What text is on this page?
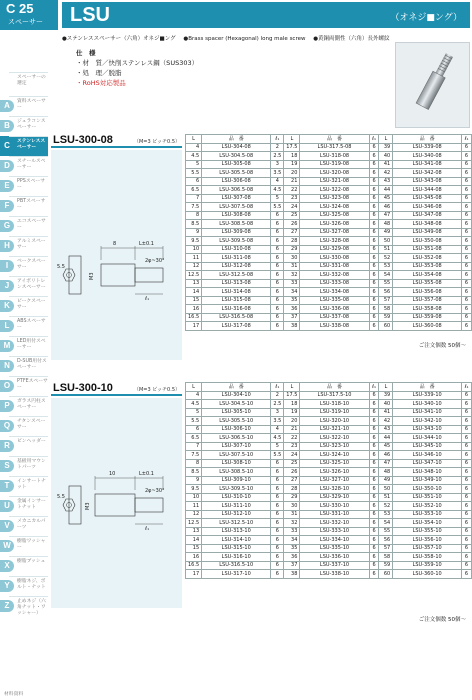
C 25
スペーサー LSU	（オネジ■ング）
●ステンレススペーサー（六角）オネジ■ング ●Brass spacer (Hexagonal) long male screw ●黄銅両側性（六角）長外螺紋
仕　様
・材　質／快削ステンレス鋼（SUS303）
・処　理／脱脂
・RoHS対応製品
スペーサーの選定
A	資料スペーサー
B	ジュラコンスペーサー
C	ステンレススペーサー
D	スチールスペーサー
E	PPSスペーサー
F	PBTスペーサー
G	エコスペーサー
H	アルミスペーサー
I	ベークスペーサー
J	アイボリトレンスペーサー
K	ピークスペーサー
L	ABSスペーサー
M	LED用付スペーサー
N	D-SUB用付スペーサー
O	PTFEスペーサー
P	ガラス円柱スペーサー
Q	チタンスペーサー
R	ビンヘッダー
S	基板用マウントパーツ
T	インサートナット
U	金属インサートナット
V	メカニカルパーツ
W	樹脂ワッシャー
X	樹脂ブッシュ
Y	樹脂ネジ、ボルト・ナット
Z	止めネジ（六角ナット・ワッシャー）
LSU-300-08	（M=3 ピッチ0.5）
8	L±0.1
5.5
M3
2φ~30°
ℓ₁
L	品　番	ℓ₁	L	品　番	ℓ₁	L	品　番	ℓ₁
4	LSU-304-08	2	17.5	LSU-317.5-08	6	39	LSU-339-08	6
4.5	LSU-304.5-08	2.5	18	LSU-318-08	6	40	LSU-340-08	6
5	LSU-305-08	3	19	LSU-319-08	6	41	LSU-341-08	6
5.5	LSU-305.5-08	3.5	20	LSU-320-08	6	42	LSU-342-08	6
6	LSU-306-08	4	21	LSU-321-08	6	43	LSU-343-08	6
6.5	LSU-306.5-08	4.5	22	LSU-322-08	6	44	LSU-344-08	6
7	LSU-307-08	5	23	LSU-323-08	6	45	LSU-345-08	6
7.5	LSU-307.5-08	5.5	24	LSU-324-08	6	46	LSU-346-08	6
8	LSU-308-08	6	25	LSU-325-08	6	47	LSU-347-08	6
8.5	LSU-308.5-08	6	26	LSU-326-08	6	48	LSU-348-08	6
9	LSU-309-08	6	27	LSU-327-08	6	49	LSU-349-08	6
9.5	LSU-309.5-08	6	28	LSU-328-08	6	50	LSU-350-08	6
10	LSU-310-08	6	29	LSU-329-08	6	51	LSU-351-08	6
11	LSU-311-08	6	30	LSU-330-08	6	52	LSU-352-08	6
12	LSU-312-08	6	31	LSU-331-08	6	53	LSU-353-08	6
12.5	LSU-312.5-08	6	32	LSU-332-08	6	54	LSU-354-08	6
13	LSU-313-08	6	33	LSU-333-08	6	55	LSU-355-08	6
14	LSU-314-08	6	34	LSU-334-08	6	56	LSU-356-08	6
15	LSU-315-08	6	35	LSU-335-08	6	57	LSU-357-08	6
16	LSU-316-08	6	36	LSU-336-08	6	58	LSU-358-08	6
16.5	LSU-316.5-08	6	37	LSU-337-08	6	59	LSU-359-08	6
17	LSU-317-08	6	38	LSU-338-08	6	60	LSU-360-08	6
ご注文個数 50個～
LSU-300-10	（M=3 ピッチ0.5）
10	L±0.1
5.5
M3
2φ~30°
ℓ₁
L	品　番	ℓ₁	L	品　番	ℓ₁	L	品　番	ℓ₁
4	LSU-304-10	2	17.5	LSU-317.5-10	6	39	LSU-339-10	6
4.5	LSU-304.5-10	2.5	18	LSU-318-10	6	40	LSU-340-10	6
5	LSU-305-10	3	19	LSU-319-10	6	41	LSU-341-10	6
5.5	LSU-305.5-10	3.5	20	LSU-320-10	6	42	LSU-342-10	6
6	LSU-306-10	4	21	LSU-321-10	6	43	LSU-343-10	6
6.5	LSU-306.5-10	4.5	22	LSU-322-10	6	44	LSU-344-10	6
7	LSU-307-10	5	23	LSU-323-10	6	45	LSU-345-10	6
7.5	LSU-307.5-10	5.5	24	LSU-324-10	6	46	LSU-346-10	6
8	LSU-308-10	6	25	LSU-325-10	6	47	LSU-347-10	6
8.5	LSU-308.5-10	6	26	LSU-326-10	6	48	LSU-348-10	6
9	LSU-309-10	6	27	LSU-327-10	6	49	LSU-349-10	6
9.5	LSU-309.5-10	6	28	LSU-328-10	6	50	LSU-350-10	6
10	LSU-310-10	6	29	LSU-329-10	6	51	LSU-351-10	6
11	LSU-311-10	6	30	LSU-330-10	6	52	LSU-352-10	6
12	LSU-312-10	6	31	LSU-331-10	6	53	LSU-353-10	6
12.5	LSU-312.5-10	6	32	LSU-332-10	6	54	LSU-354-10	6
13	LSU-313-10	6	33	LSU-333-10	6	55	LSU-355-10	6
14	LSU-314-10	6	34	LSU-334-10	6	56	LSU-356-10	6
15	LSU-315-10	6	35	LSU-335-10	6	57	LSU-357-10	6
16	LSU-316-10	6	36	LSU-336-10	6	58	LSU-358-10	6
16.5	LSU-316.5-10	6	37	LSU-337-10	6	59	LSU-359-10	6
17	LSU-317-10	6	38	LSU-338-10	6	60	LSU-360-10	6
ご注文個数 50個～
材料資料
